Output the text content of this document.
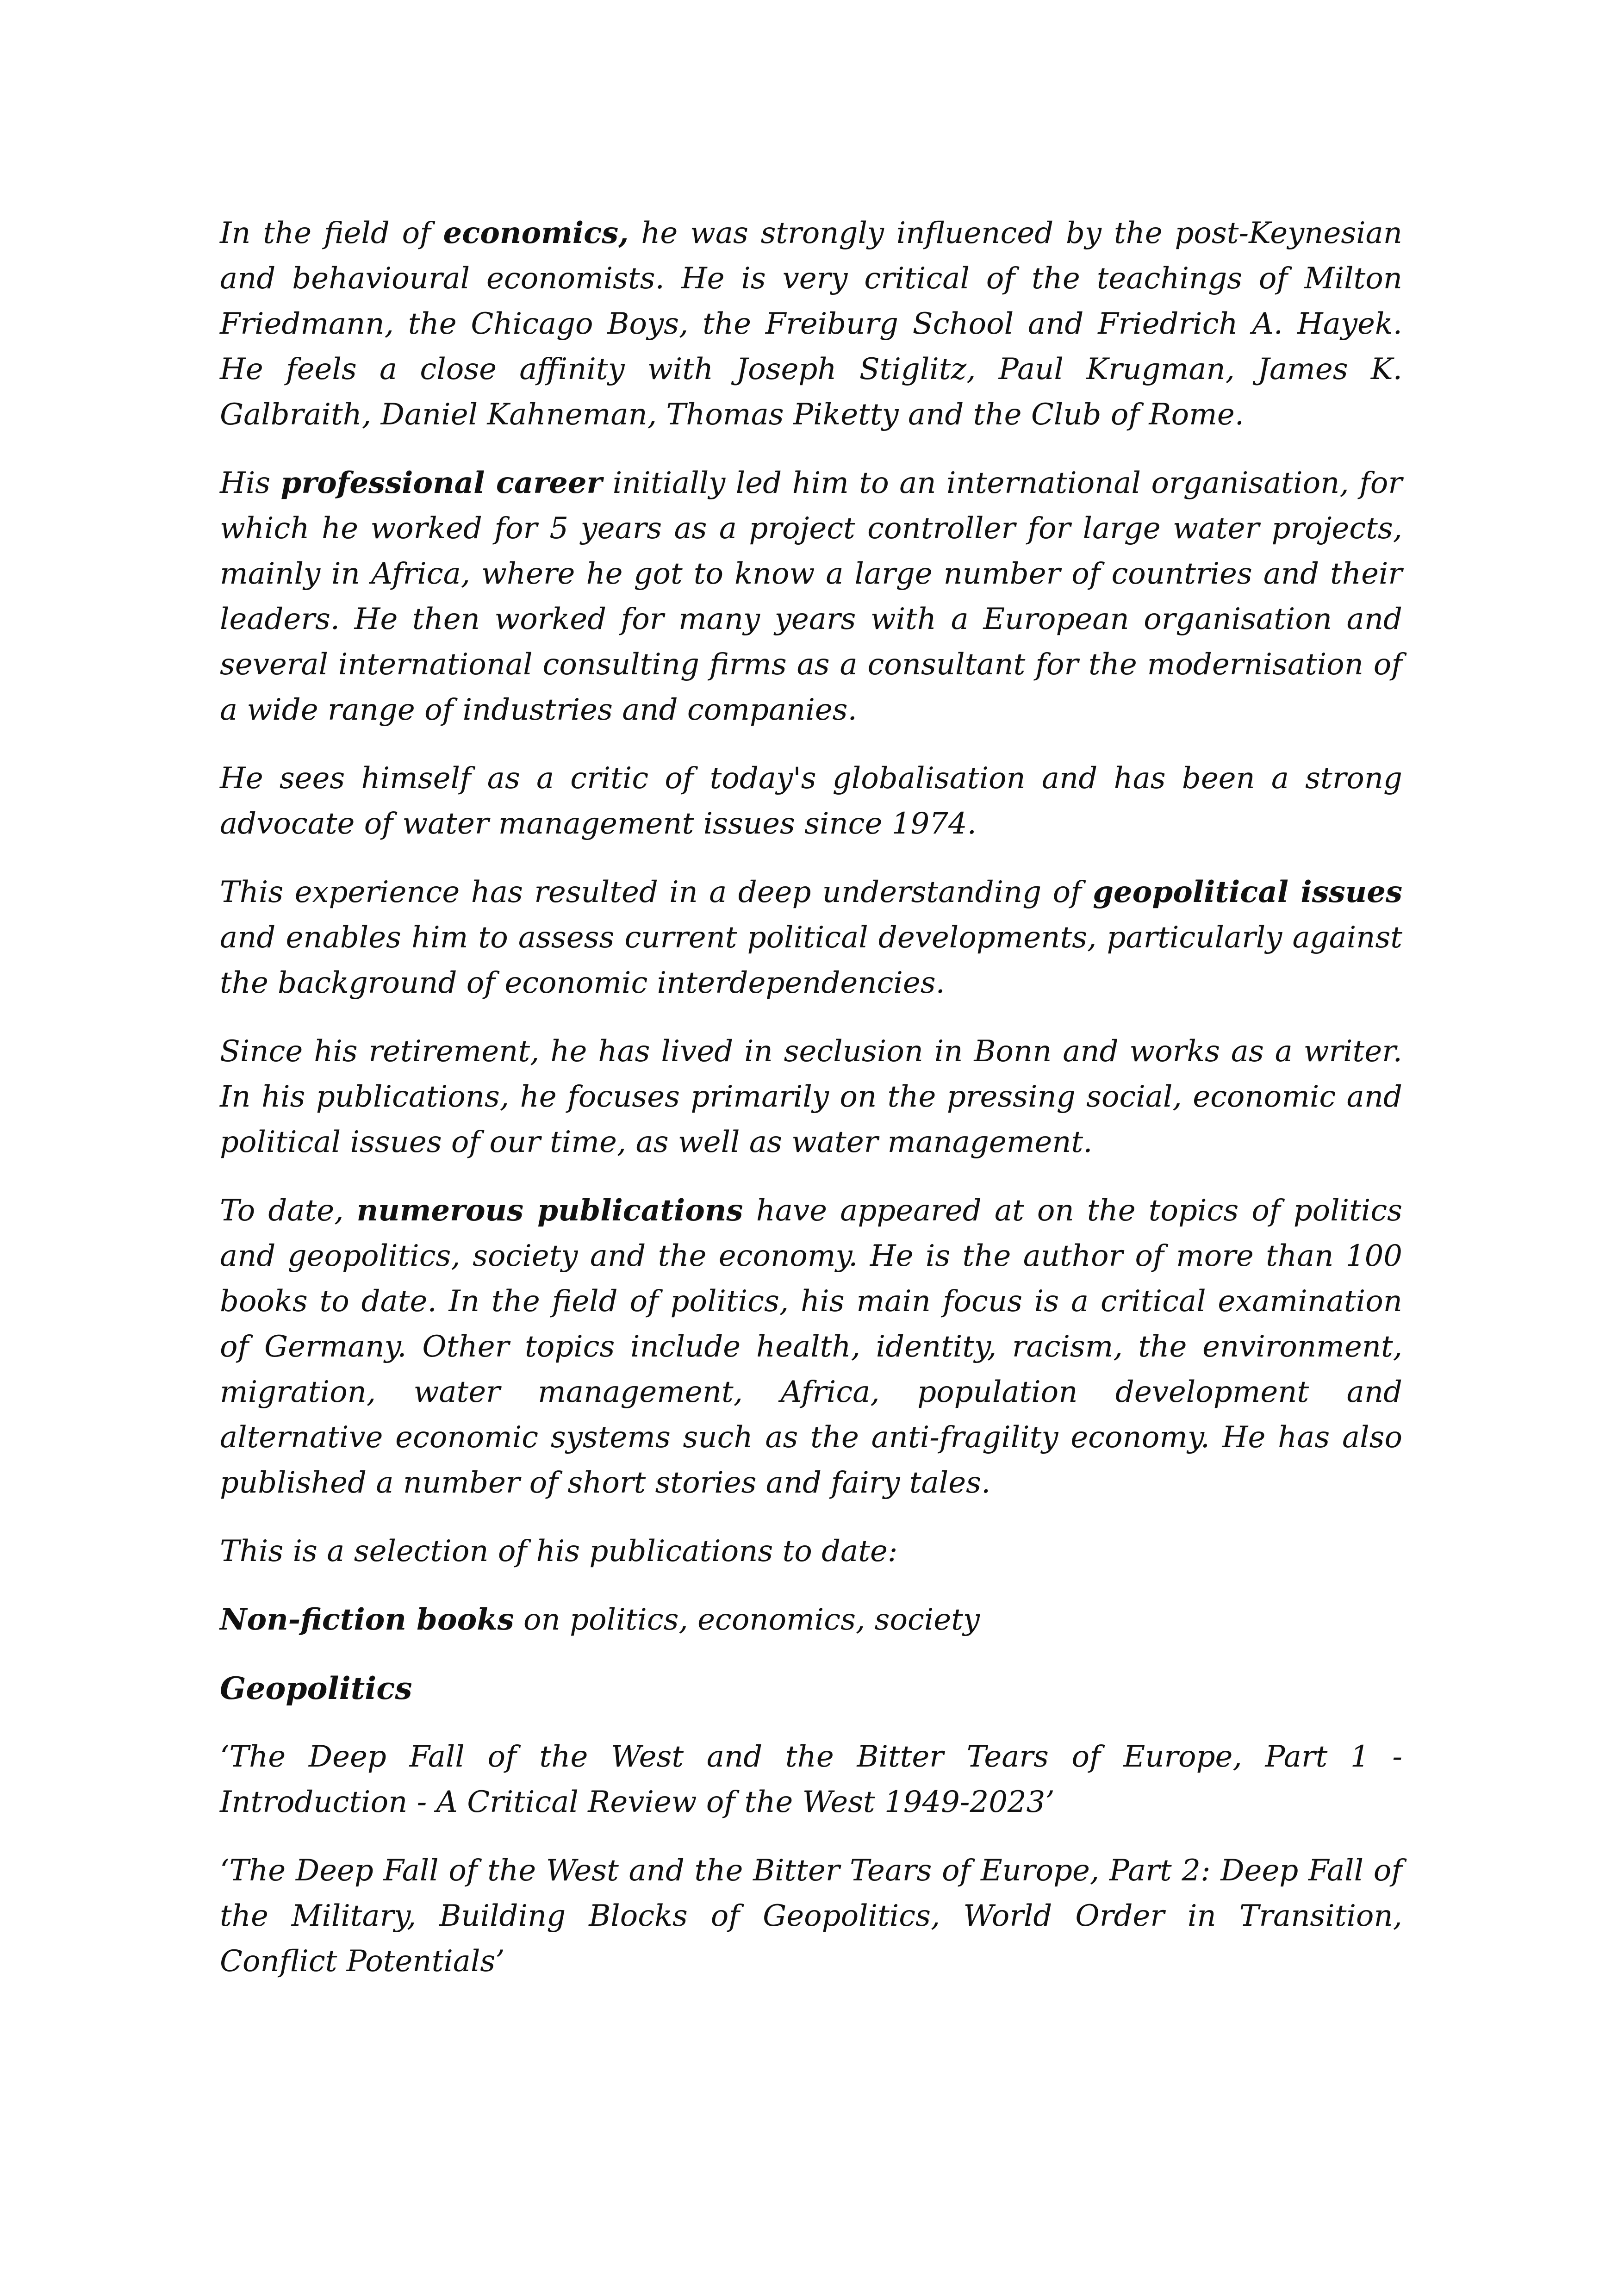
In the field of economics, he was strongly influenced by the post-Keynesian and behavioural economists. He is very critical of the teachings of Milton Friedmann, the Chicago Boys, the Freiburg School and Friedrich A. Hayek. He feels a close affinity with Joseph Stiglitz, Paul Krugman, James K. Galbraith, Daniel Kahneman, Thomas Piketty and the Club of Rome.

His professional career initially led him to an international organisation, for which he worked for 5 years as a project controller for large water projects, mainly in Africa, where he got to know a large number of countries and their leaders. He then worked for many years with a European organisation and several international consulting firms as a consultant for the modernisation of a wide range of industries and companies.

He sees himself as a critic of today's globalisation and has been a strong advocate of water management issues since 1974.

This experience has resulted in a deep understanding of geopolitical issues and enables him to assess current political developments, particularly against the background of economic interdependencies.

Since his retirement, he has lived in seclusion in Bonn and works as a writer. In his publications, he focuses primarily on the pressing social, economic and political issues of our time, as well as water management.

To date, numerous publications have appeared at on the topics of politics and geopolitics, society and the economy. He is the author of more than 100 books to date. In the field of politics, his main focus is a critical examination of Germany. Other topics include health, identity, racism, the environment, migration, water management, Africa, population development and alternative economic systems such as the anti-fragility economy. He has also published a number of short stories and fairy tales.

This is a selection of his publications to date:

Non-fiction books on politics, economics, society

Geopolitics

‘The Deep Fall of the West and the Bitter Tears of Europe, Part 1 - Introduction - A Critical Review of the West 1949-2023’

‘The Deep Fall of the West and the Bitter Tears of Europe, Part 2: Deep Fall of the Military, Building Blocks of Geopolitics, World Order in Transition, Conflict Potentials’
